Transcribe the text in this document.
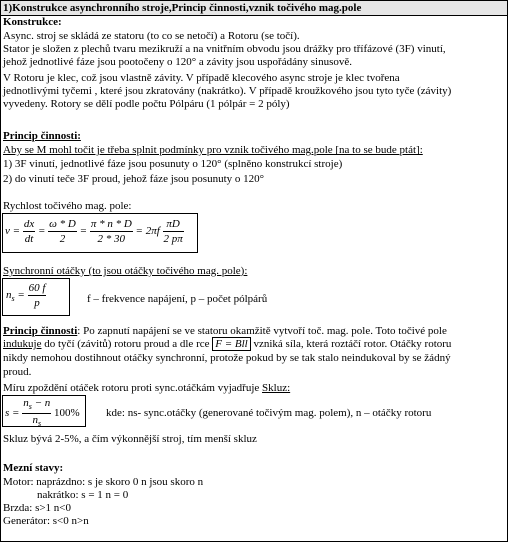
1)Konstrukce asynchronního stroje,Princip činnosti,vznik točivého mag.pole
Konstrukce:
Async. stroj se skládá ze statoru (to co se netočí) a Rotoru (se točí).
Stator je složen z plechů tvaru mezikruží a na vnitřním obvodu jsou drážky pro třífázové (3F) vinutí,
jehož jednotlivé fáze jsou pootočeny o 120° a závity jsou uspořádány sinusově.
V Rotoru je klec, což jsou vlastně závity. V případě klecového async stroje je klec tvořena
jednotlivými tyčemi , které jsou zkratovány (nakrátko). V případě kroužkového jsou tyto tyče (závity)
vyvedeny. Rotory se dělí podle počtu Pólpáru (1 pólpár = 2 póly)
Princip činnosti:
Aby se M mohl točit je třeba splnit podmínky pro vznik točivého mag.pole [na to se bude ptát]:
1) 3F vinutí, jednotlivé fáze jsou posunuty o 120° (splněno konstrukcí stroje)
2) do vinutí teče 3F proud, jehož fáze jsou posunuty o 120°
Rychlost točivého mag. pole:
$v = \frac{dx}{dt} = \frac{\omega * D}{2} = \frac{\pi * n * D}{2 * 30} = 2\pi f \frac{\pi D}{2 p\pi}$
Synchronní otáčky (to jsou otáčky točivého mag. pole):
$n_s = \frac{60 f}{p}$	f – frekvence napájení, p – počet pólpárů
Princip činnosti: Po zapnutí napájení se ve statoru okamžitě vytvoří toč. mag. pole. Toto točivé pole
indukuje do tyčí (závitů) rotoru proud a dle rce F = Bll vzniká síla, která roztáčí rotor. Otáčky rotoru
nikdy nemohou dostihnout otáčky synchronní, protože pokud by se tak stalo neindukoval by se žádný
proud.
Míru zpoždění otáček rotoru proti sync.otáčkám vyjadřuje Skluz:
$s = \frac{n_s - n}{n_s} 100\%$ kde: ns- sync.otáčky (generované točivým mag. polem), n – otáčky rotoru
Skluz bývá 2-5%, a čím výkonnější stroj, tím menší skluz
Mezní stavy:
Motor: naprázdno: s je skoro 0 n jsou skoro n
nakrátko: s = 1 n = 0
Brzda: s>1 n<0
Generátor: s<0 n>n
